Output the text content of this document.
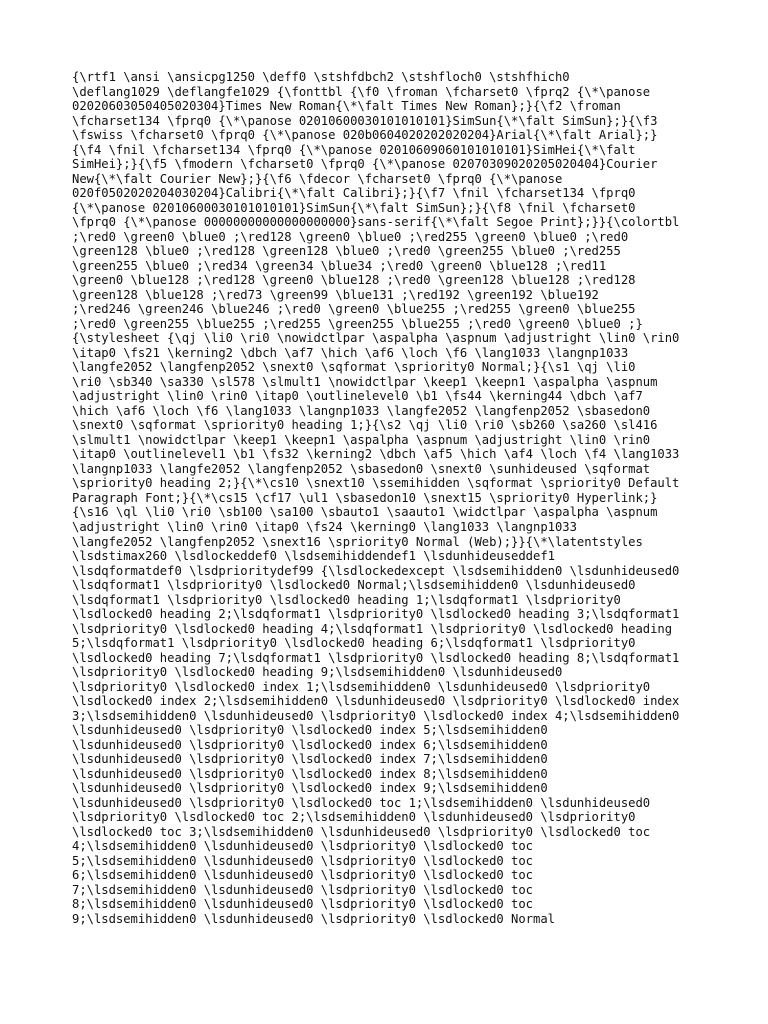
{\rtf1 \ansi \ansicpg1250 \deff0 \stshfdbch2 \stshfloch0 \stshfhich0
\deflang1029 \deflangfe1029 {\fonttbl {\f0 \froman \fcharset0 \fprq2 {\*\panose
02020603050405020304}Times New Roman{\*\falt Times New Roman};}{\f2 \froman
\fcharset134 \fprq0 {\*\panose 02010600030101010101}SimSun{\*\falt SimSun};}{\f3
\fswiss \fcharset0 \fprq0 {\*\panose 020b0604020202020204}Arial{\*\falt Arial};}
{\f4 \fnil \fcharset134 \fprq0 {\*\panose 02010609060101010101}SimHei{\*\falt
SimHei};}{\f5 \fmodern \fcharset0 \fprq0 {\*\panose 02070309020205020404}Courier
New{\*\falt Courier New};}{\f6 \fdecor \fcharset0 \fprq0 {\*\panose
020f0502020204030204}Calibri{\*\falt Calibri};}{\f7 \fnil \fcharset134 \fprq0
{\*\panose 02010600030101010101}SimSun{\*\falt SimSun};}{\f8 \fnil \fcharset0
\fprq0 {\*\panose 00000000000000000000}sans-serif{\*\falt Segoe Print};}}{\colortbl
;\red0 \green0 \blue0 ;\red128 \green0 \blue0 ;\red255 \green0 \blue0 ;\red0
\green128 \blue0 ;\red128 \green128 \blue0 ;\red0 \green255 \blue0 ;\red255
\green255 \blue0 ;\red34 \green34 \blue34 ;\red0 \green0 \blue128 ;\red11
\green0 \blue128 ;\red128 \green0 \blue128 ;\red0 \green128 \blue128 ;\red128
\green128 \blue128 ;\red73 \green99 \blue131 ;\red192 \green192 \blue192
;\red246 \green246 \blue246 ;\red0 \green0 \blue255 ;\red255 \green0 \blue255
;\red0 \green255 \blue255 ;\red255 \green255 \blue255 ;\red0 \green0 \blue0 ;}
{\stylesheet {\qj \li0 \ri0 \nowidctlpar \aspalpha \aspnum \adjustright \lin0 \rin0
\itap0 \fs21 \kerning2 \dbch \af7 \hich \af6 \loch \f6 \lang1033 \langnp1033
\langfe2052 \langfenp2052 \snext0 \sqformat \spriority0 Normal;}{\s1 \qj \li0
\ri0 \sb340 \sa330 \sl578 \slmult1 \nowidctlpar \keep1 \keepn1 \aspalpha \aspnum
\adjustright \lin0 \rin0 \itap0 \outlinelevel0 \b1 \fs44 \kerning44 \dbch \af7
\hich \af6 \loch \f6 \lang1033 \langnp1033 \langfe2052 \langfenp2052 \sbasedon0
\snext0 \sqformat \spriority0 heading 1;}{\s2 \qj \li0 \ri0 \sb260 \sa260 \sl416
\slmult1 \nowidctlpar \keep1 \keepn1 \aspalpha \aspnum \adjustright \lin0 \rin0
\itap0 \outlinelevel1 \b1 \fs32 \kerning2 \dbch \af5 \hich \af4 \loch \f4 \lang1033
\langnp1033 \langfe2052 \langfenp2052 \sbasedon0 \snext0 \sunhideused \sqformat
\spriority0 heading 2;}{\*\cs10 \snext10 \ssemihidden \sqformat \spriority0 Default
Paragraph Font;}{\*\cs15 \cf17 \ul1 \sbasedon10 \snext15 \spriority0 Hyperlink;}
{\s16 \ql \li0 \ri0 \sb100 \sa100 \sbauto1 \saauto1 \widctlpar \aspalpha \aspnum
\adjustright \lin0 \rin0 \itap0 \fs24 \kerning0 \lang1033 \langnp1033
\langfe2052 \langfenp2052 \snext16 \spriority0 Normal (Web);}}{\*\latentstyles
\lsdstimax260 \lsdlockeddef0 \lsdsemihiddendef1 \lsdunhideuseddef1
\lsdqformatdef0 \lsdprioritydef99 {\lsdlockedexcept \lsdsemihidden0 \lsdunhideused0
\lsdqformat1 \lsdpriority0 \lsdlocked0 Normal;\lsdsemihidden0 \lsdunhideused0
\lsdqformat1 \lsdpriority0 \lsdlocked0 heading 1;\lsdqformat1 \lsdpriority0
\lsdlocked0 heading 2;\lsdqformat1 \lsdpriority0 \lsdlocked0 heading 3;\lsdqformat1
\lsdpriority0 \lsdlocked0 heading 4;\lsdqformat1 \lsdpriority0 \lsdlocked0 heading
5;\lsdqformat1 \lsdpriority0 \lsdlocked0 heading 6;\lsdqformat1 \lsdpriority0
\lsdlocked0 heading 7;\lsdqformat1 \lsdpriority0 \lsdlocked0 heading 8;\lsdqformat1
\lsdpriority0 \lsdlocked0 heading 9;\lsdsemihidden0 \lsdunhideused0
\lsdpriority0 \lsdlocked0 index 1;\lsdsemihidden0 \lsdunhideused0 \lsdpriority0
\lsdlocked0 index 2;\lsdsemihidden0 \lsdunhideused0 \lsdpriority0 \lsdlocked0 index
3;\lsdsemihidden0 \lsdunhideused0 \lsdpriority0 \lsdlocked0 index 4;\lsdsemihidden0
\lsdunhideused0 \lsdpriority0 \lsdlocked0 index 5;\lsdsemihidden0
\lsdunhideused0 \lsdpriority0 \lsdlocked0 index 6;\lsdsemihidden0
\lsdunhideused0 \lsdpriority0 \lsdlocked0 index 7;\lsdsemihidden0
\lsdunhideused0 \lsdpriority0 \lsdlocked0 index 8;\lsdsemihidden0
\lsdunhideused0 \lsdpriority0 \lsdlocked0 index 9;\lsdsemihidden0
\lsdunhideused0 \lsdpriority0 \lsdlocked0 toc 1;\lsdsemihidden0 \lsdunhideused0
\lsdpriority0 \lsdlocked0 toc 2;\lsdsemihidden0 \lsdunhideused0 \lsdpriority0
\lsdlocked0 toc 3;\lsdsemihidden0 \lsdunhideused0 \lsdpriority0 \lsdlocked0 toc
4;\lsdsemihidden0 \lsdunhideused0 \lsdpriority0 \lsdlocked0 toc
5;\lsdsemihidden0 \lsdunhideused0 \lsdpriority0 \lsdlocked0 toc
6;\lsdsemihidden0 \lsdunhideused0 \lsdpriority0 \lsdlocked0 toc
7;\lsdsemihidden0 \lsdunhideused0 \lsdpriority0 \lsdlocked0 toc
8;\lsdsemihidden0 \lsdunhideused0 \lsdpriority0 \lsdlocked0 toc
9;\lsdsemihidden0 \lsdunhideused0 \lsdpriority0 \lsdlocked0 Normal
